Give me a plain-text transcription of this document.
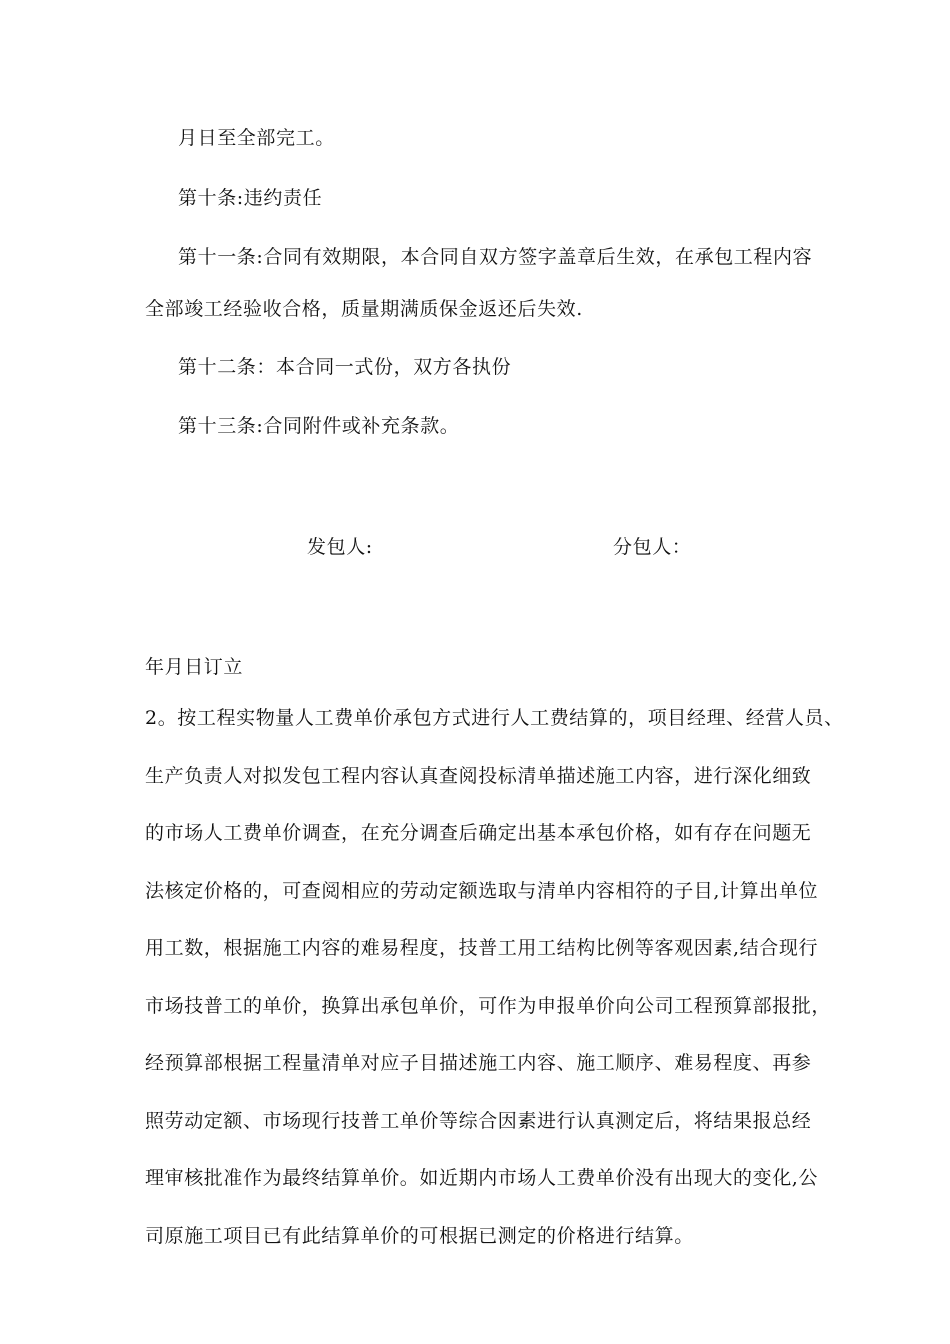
月日至全部完工。
第十条:违约责任
第十一条:合同有效期限，本合同自双方签字盖章后生效，在承包工程内容
全部竣工经验收合格，质量期满质保金返还后失效.
第十二条：本合同一式份，双方各执份
第十三条:合同附件或补充条款。
发包人:	分包人：
年月日订立
2。按工程实物量人工费单价承包方式进行人工费结算的，项目经理、经营人员、
生产负责人对拟发包工程内容认真查阅投标清单描述施工内容，进行深化细致
的市场人工费单价调查，在充分调查后确定出基本承包价格，如有存在问题无
法核定价格的，可查阅相应的劳动定额选取与清单内容相符的子目,计算出单位
用工数，根据施工内容的难易程度，技普工用工结构比例等客观因素,结合现行
市场技普工的单价，换算出承包单价，可作为申报单价向公司工程预算部报批，
经预算部根据工程量清单对应子目描述施工内容、施工顺序、难易程度、再参
照劳动定额、市场现行技普工单价等综合因素进行认真测定后，将结果报总经
理审核批准作为最终结算单价。如近期内市场人工费单价没有出现大的变化,公
司原施工项目已有此结算单价的可根据已测定的价格进行结算。
